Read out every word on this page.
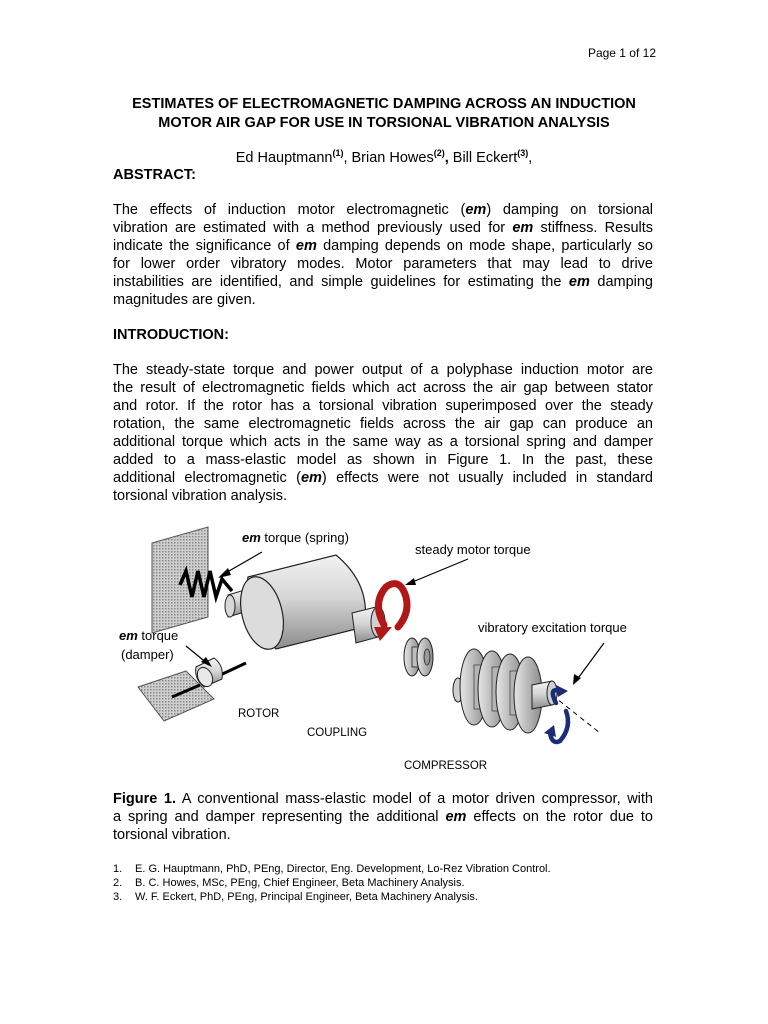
Page 1 of 12
ESTIMATES OF ELECTROMAGNETIC DAMPING ACROSS AN INDUCTION
MOTOR AIR GAP FOR USE IN TORSIONAL VIBRATION ANALYSIS
Ed Hauptmann$^{(1)}$, Brian Howes$^{(2)}$, Bill Eckert$^{(3)}$,
ABSTRACT:
The effects of induction motor electromagnetic (em) damping on torsional
vibration are estimated with a method previously used for em stiffness. Results
indicate the significance of em damping depends on mode shape, particularly so
for lower order vibratory modes. Motor parameters that may lead to drive
instabilities are identified, and simple guidelines for estimating the em damping
magnitudes are given.
INTRODUCTION:
The steady-state torque and power output of a polyphase induction motor are
the result of electromagnetic fields which act across the air gap between stator
and rotor. If the rotor has a torsional vibration superimposed over the steady
rotation, the same electromagnetic fields across the air gap can produce an
additional torque which acts in the same way as a torsional spring and damper
added to a mass-elastic model as shown in Figure 1. In the past, these
additional electromagnetic (em) effects were not usually included in standard
torsional vibration analysis.
em torque (spring)
steady motor torque
vibratory excitation torque
em torque
(damper)
ROTOR
COUPLING
COMPRESSOR
Figure 1. A conventional mass-elastic model of a motor driven compressor, with
a spring and damper representing the additional em effects on the rotor due to
torsional vibration.
1.	E. G. Hauptmann, PhD, PEng, Director, Eng. Development, Lo-Rez Vibration Control.
2.	B. C. Howes, MSc, PEng, Chief Engineer, Beta Machinery Analysis.
3.	W. F. Eckert, PhD, PEng, Principal Engineer, Beta Machinery Analysis.
